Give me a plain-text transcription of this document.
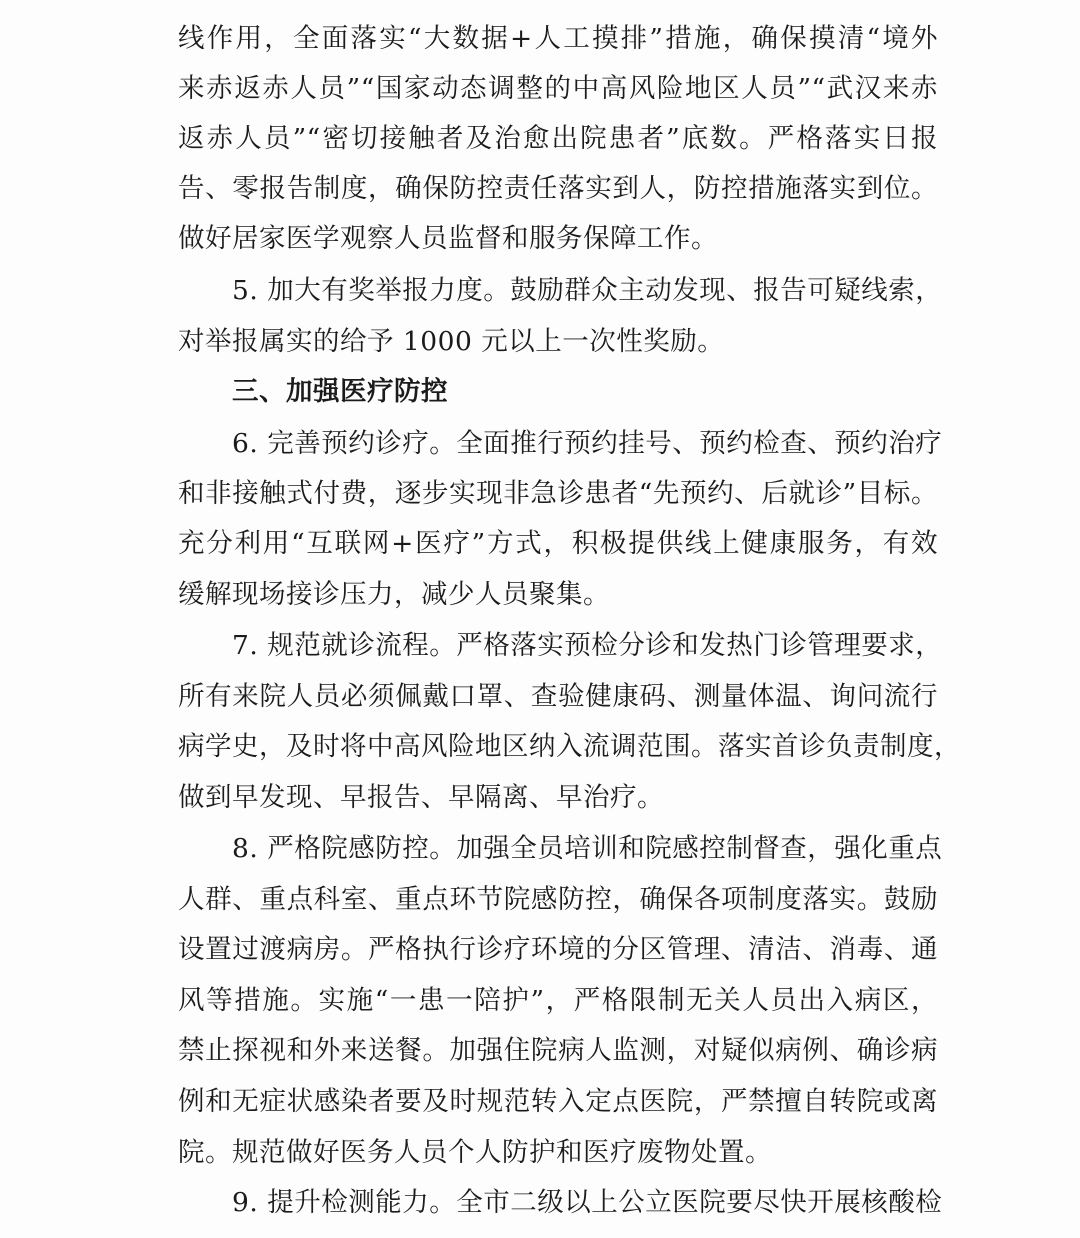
线作用，全面落实“大数据+人工摸排”措施，确保摸清“境外
来赤返赤人员”“国家动态调整的中高风险地区人员”“武汉来赤
返赤人员”“密切接触者及治愈出院患者”底数。严格落实日报
告、零报告制度，确保防控责任落实到人，防控措施落实到位。
做好居家医学观察人员监督和服务保障工作。
5. 加大有奖举报力度。鼓励群众主动发现、报告可疑线索，
对举报属实的给予 1000 元以上一次性奖励。
三、加强医疗防控
6. 完善预约诊疗。全面推行预约挂号、预约检查、预约治疗
和非接触式付费，逐步实现非急诊患者“先预约、后就诊”目标。
充分利用“互联网+医疗”方式，积极提供线上健康服务，有效
缓解现场接诊压力，减少人员聚集。
7. 规范就诊流程。严格落实预检分诊和发热门诊管理要求，
所有来院人员必须佩戴口罩、查验健康码、测量体温、询问流行
病学史，及时将中高风险地区纳入流调范围。落实首诊负责制度，
做到早发现、早报告、早隔离、早治疗。
8. 严格院感防控。加强全员培训和院感控制督查，强化重点
人群、重点科室、重点环节院感防控，确保各项制度落实。鼓励
设置过渡病房。严格执行诊疗环境的分区管理、清洁、消毒、通
风等措施。实施“一患一陪护”，严格限制无关人员出入病区，
禁止探视和外来送餐。加强住院病人监测，对疑似病例、确诊病
例和无症状感染者要及时规范转入定点医院，严禁擅自转院或离
院。规范做好医务人员个人防护和医疗废物处置。
9. 提升检测能力。全市二级以上公立医院要尽快开展核酸检
